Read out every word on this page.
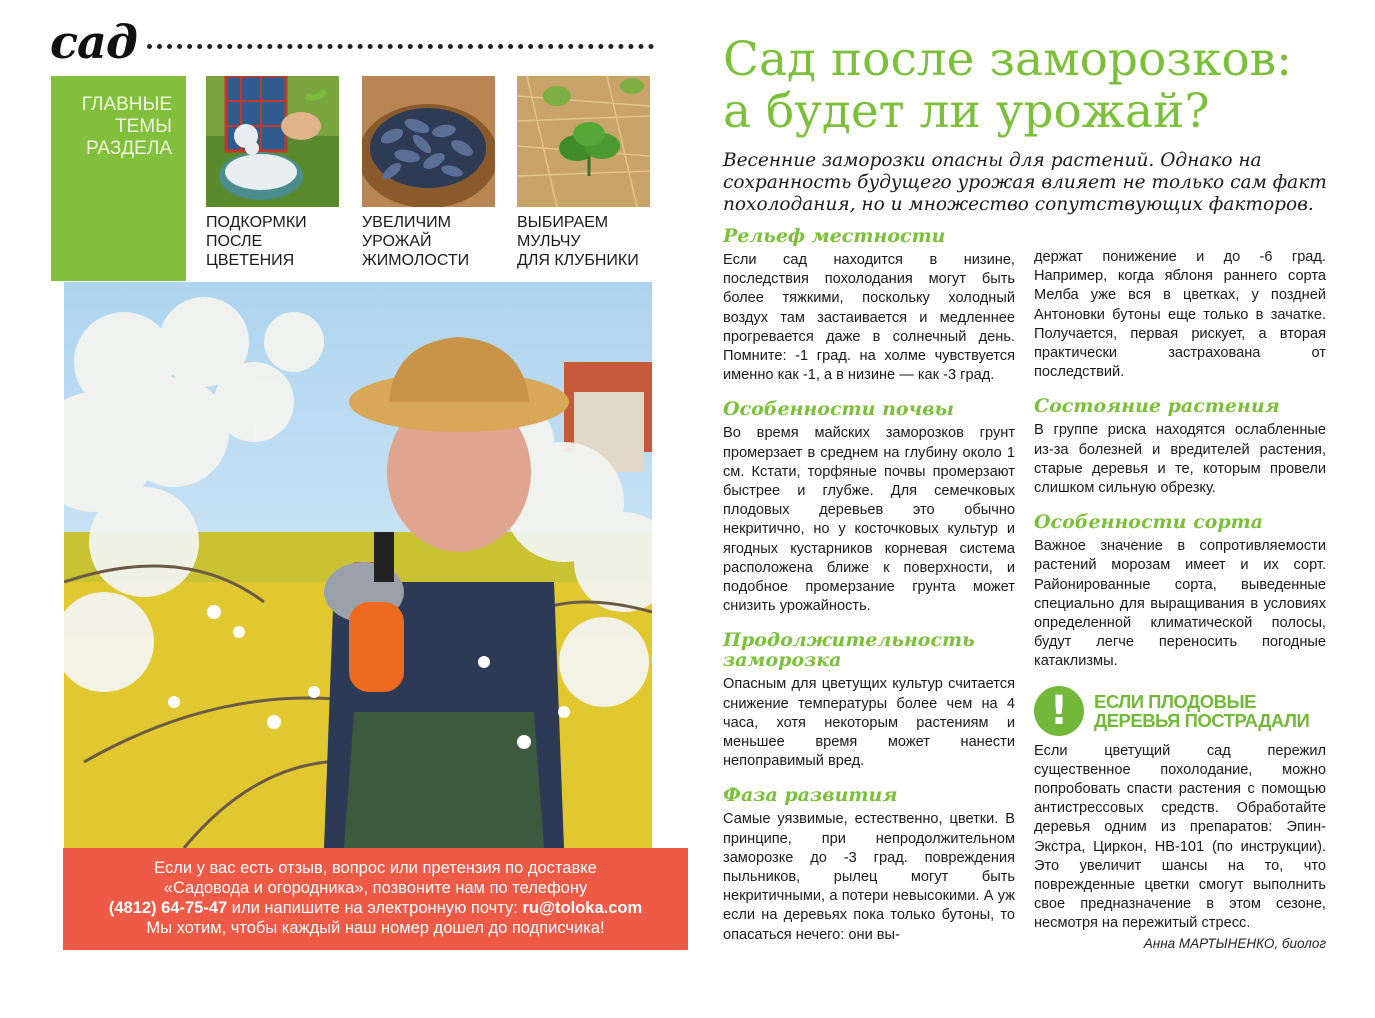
сад
ГЛАВНЫЕ
ТЕМЫ
РАЗДЕЛА
ПОДКОРМКИ
ПОСЛЕ
ЦВЕТЕНИЯ
УВЕЛИЧИМ
УРОЖАЙ
ЖИМОЛОСТИ
ВЫБИРАЕМ
МУЛЬЧУ
ДЛЯ КЛУБНИКИ
Если у вас есть отзыв, вопрос или претензия по доставке
«Садовода и огородника», позвоните нам по телефону
(4812) 64-75-47 или напишите на электронную почту: ru@toloka.com
Мы хотим, чтобы каждый наш номер дошел до подписчика!
Сад после заморозков:
а будет ли урожай?
Весенние заморозки опасны для растений. Однако на сохранность будущего урожая влияет не только сам факт похолодания, но и множество сопутствующих факторов.
Рельеф местности
Если сад находится в низине, последствия похолодания могут быть более тяжкими, поскольку холодный воздух там застаивается и медленнее прогревается даже в солнечный день. Помните: -1 град. на холме чувствуется именно как -1, а в низине — как -3 град.
Особенности почвы
Во время майских заморозков грунт промерзает в среднем на глубину около 1 см. Кстати, торфяные почвы промерзают быстрее и глубже. Для семечковых плодовых деревьев это обычно некритично, но у косточковых культур и ягодных кустарников корневая система расположена ближе к поверхности, и подобное промерзание грунта может снизить урожайность.
Продолжительность заморозка
Опасным для цветущих культур считается снижение температуры более чем на 4 часа, хотя некоторым растениям и меньшее время может нанести непоправимый вред.
Фаза развития
Самые уязвимые, естественно, цветки. В принципе, при непродолжительном заморозке до -3 град. повреждения пыльников, рылец могут быть некритичными, а потери невысокими. А уж если на деревьях пока только бутоны, то опасаться нечего: они вы-
держат понижение и до -6 град. Например, когда яблоня раннего сорта Мелба уже вся в цветках, у поздней Антоновки бутоны еще только в зачатке. Получается, первая рискует, а вторая практически застрахована от последствий.
Состояние растения
В группе риска находятся ослабленные из-за болезней и вредителей растения, старые деревья и те, которым провели слишком сильную обрезку.
Особенности сорта
Важное значение в сопротивляемости растений морозам имеет и их сорт. Районированные сорта, выведенные специально для выращивания в условиях определенной климатической полосы, будут легче переносить погодные катаклизмы.
!	ЕСЛИ ПЛОДОВЫЕ
ДЕРЕВЬЯ ПОСТРАДАЛИ
Если цветущий сад пережил существенное похолодание, можно попробовать спасти растения с помощью антистрессовых средств. Обработайте деревья одним из препаратов: Эпин-Экстра, Циркон, НВ-101 (по инструкции). Это увеличит шансы на то, что поврежденные цветки смогут выполнить свое предназначение в этом сезоне, несмотря на пережитый стресс.
Анна МАРТЫНЕНКО, биолог
